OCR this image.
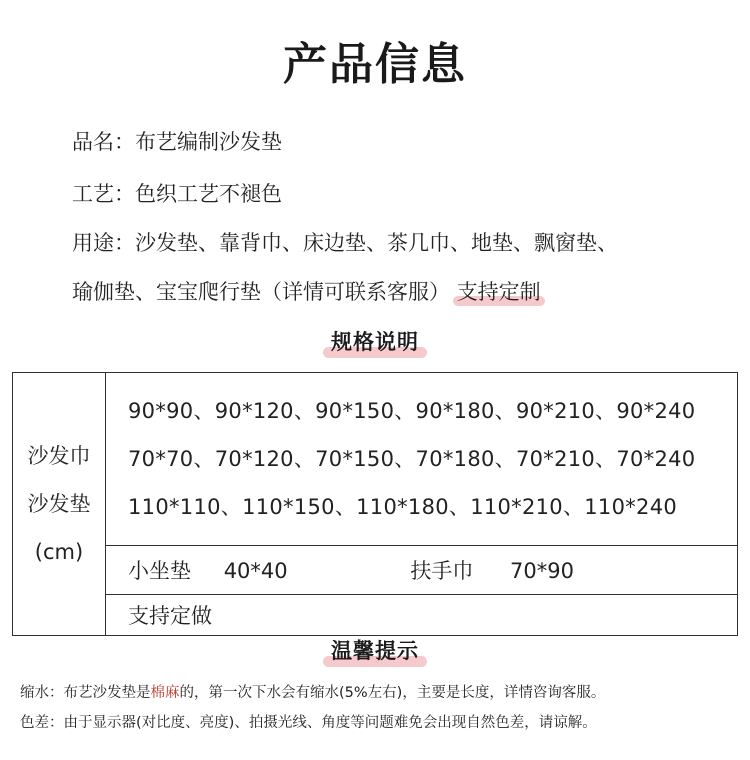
产品信息
品名：布艺编制沙发垫
工艺：色织工艺不褪色
用途：沙发垫、靠背巾、床边垫、茶几巾、地垫、飘窗垫、
瑜伽垫、宝宝爬行垫（详情可联系客服） 支持定制
规格说明
沙发巾
沙发垫
(cm)

90*90、90*120、90*150、90*180、90*210、90*240
70*70、70*120、70*150、70*180、70*210、70*240
110*110、110*150、110*180、110*210、110*240

小坐垫 40*40	扶手巾 70*90
支持定做
温馨提示
缩水：布艺沙发垫是棉麻的，第一次下水会有缩水(5%左右)，主要是长度，详情咨询客服。
色差：由于显示器(对比度、亮度)、拍摄光线、角度等问题难免会出现自然色差，请谅解。
